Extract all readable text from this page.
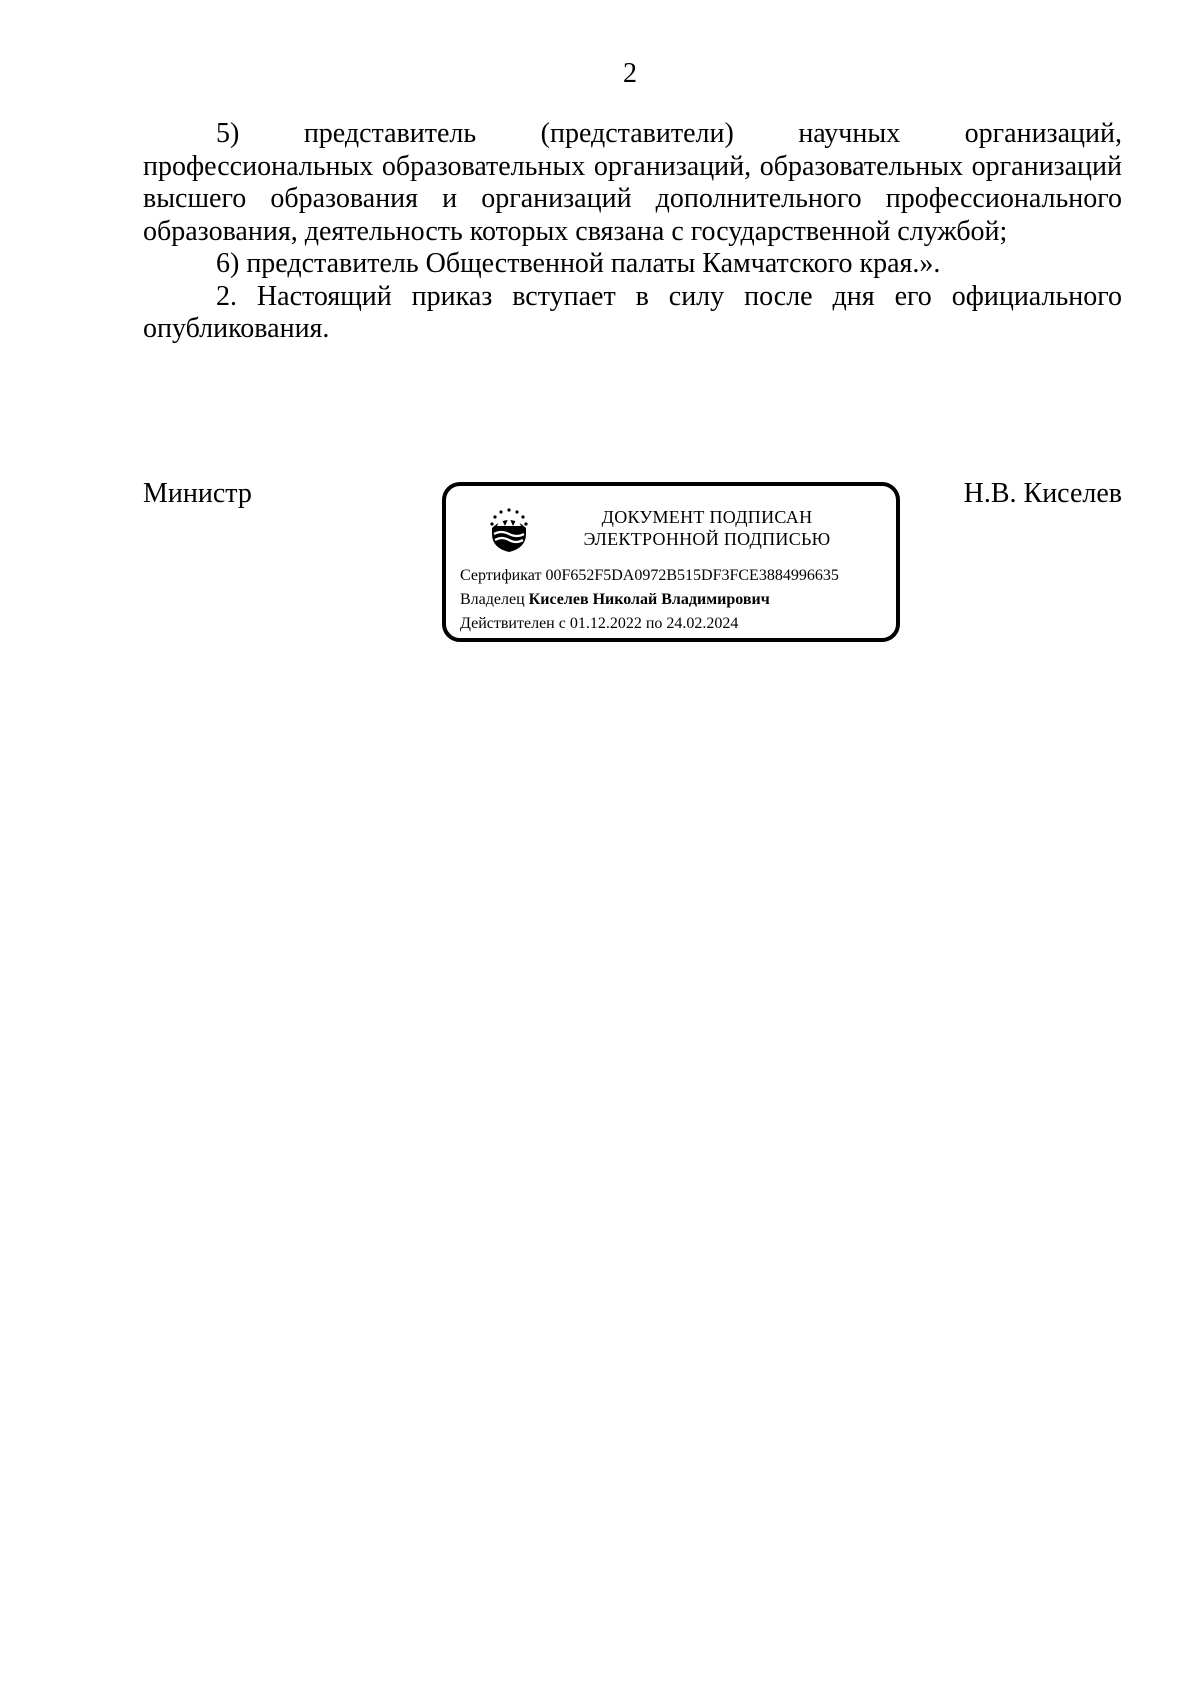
2

5) представитель (представители) научных организаций, профессиональных образовательных организаций, образовательных организаций высшего образования и организаций дополнительного профессионального образования, деятельность которых связана с государственной службой;

6) представитель Общественной палаты Камчатского края.».

2. Настоящий приказ вступает в силу после дня его официального опубликования.

Министр	Н.В. Киселев
ДОКУМЕНТ ПОДПИСАН
ЭЛЕКТРОННОЙ ПОДПИСЬЮ
Сертификат 00F652F5DA0972B515DF3FCE3884996635
Владелец Киселев Николай Владимирович
Действителен с 01.12.2022 по 24.02.2024
